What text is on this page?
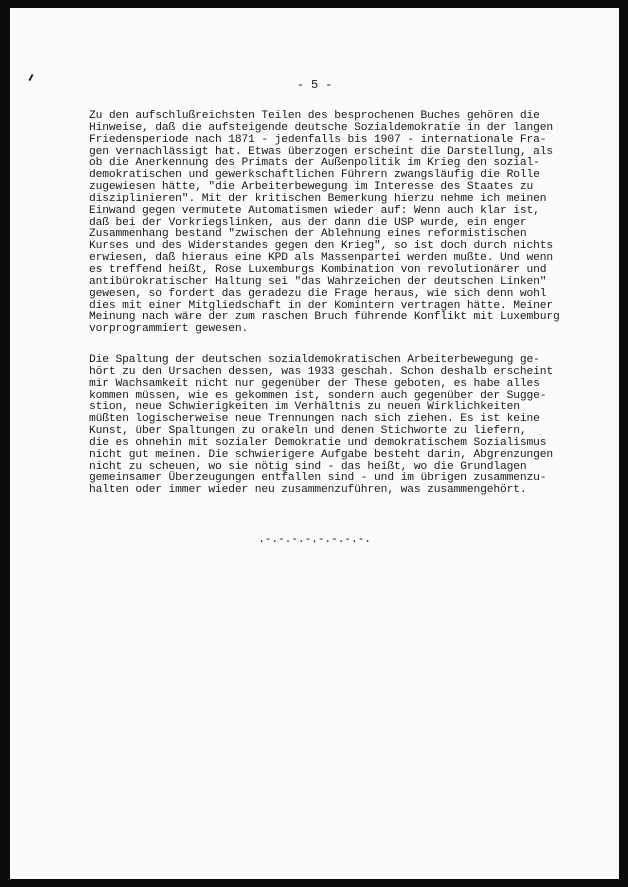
- 5 -
Zu den aufschlußreichsten Teilen des besprochenen Buches gehören die
Hinweise, daß die aufsteigende deutsche Sozialdemokratie in der langen
Friedensperiode nach 1871 - jedenfalls bis 1907 - internationale Fra-
gen vernachlässigt hat. Etwas überzogen erscheint die Darstellung, als
ob die Anerkennung des Primats der Außenpolitik im Krieg den sozial-
demokratischen und gewerkschaftlichen Führern zwangsläufig die Rolle
zugewiesen hätte, "die Arbeiterbewegung im Interesse des Staates zu
disziplinieren". Mit der kritischen Bemerkung hierzu nehme ich meinen
Einwand gegen vermutete Automatismen wieder auf: Wenn auch klar ist,
daß bei der Vorkriegslinken, aus der dann die USP wurde, ein enger
Zusammenhang bestand "zwischen der Ablehnung eines reformistischen
Kurses und des Widerstandes gegen den Krieg", so ist doch durch nichts
erwiesen, daß hieraus eine KPD als Massenpartei werden mußte. Und wenn
es treffend heißt, Rose Luxemburgs Kombination von revolutionärer und
antibürokratischer Haltung sei "das Wahrzeichen der deutschen Linken"
gewesen, so fordert das geradezu die Frage heraus, wie sich denn wohl
dies mit einer Mitgliedschaft in der Komintern vertragen hätte. Meiner
Meinung nach wäre der zum raschen Bruch führende Konflikt mit Luxemburg
vorprogrammiert gewesen.
Die Spaltung der deutschen sozialdemokratischen Arbeiterbewegung ge-
hört zu den Ursachen dessen, was 1933 geschah. Schon deshalb erscheint
mir Wachsamkeit nicht nur gegenüber der These geboten, es habe alles
kommen müssen, wie es gekommen ist, sondern auch gegenüber der Sugge-
stion, neue Schwierigkeiten im Verhältnis zu neuen Wirklichkeiten
müßten logischerweise neue Trennungen nach sich ziehen. Es ist keine
Kunst, über Spaltungen zu orakeln und denen Stichworte zu liefern,
die es ohnehin mit sozialer Demokratie und demokratischem Sozialismus
nicht gut meinen. Die schwierigere Aufgabe besteht darin, Abgrenzungen
nicht zu scheuen, wo sie nötig sind - das heißt, wo die Grundlagen
gemeinsamer Überzeugungen entfallen sind - und im übrigen zusammenzu-
halten oder immer wieder neu zusammenzuführen, was zusammengehört.
.-.-.-.-.-.-.-.-.
